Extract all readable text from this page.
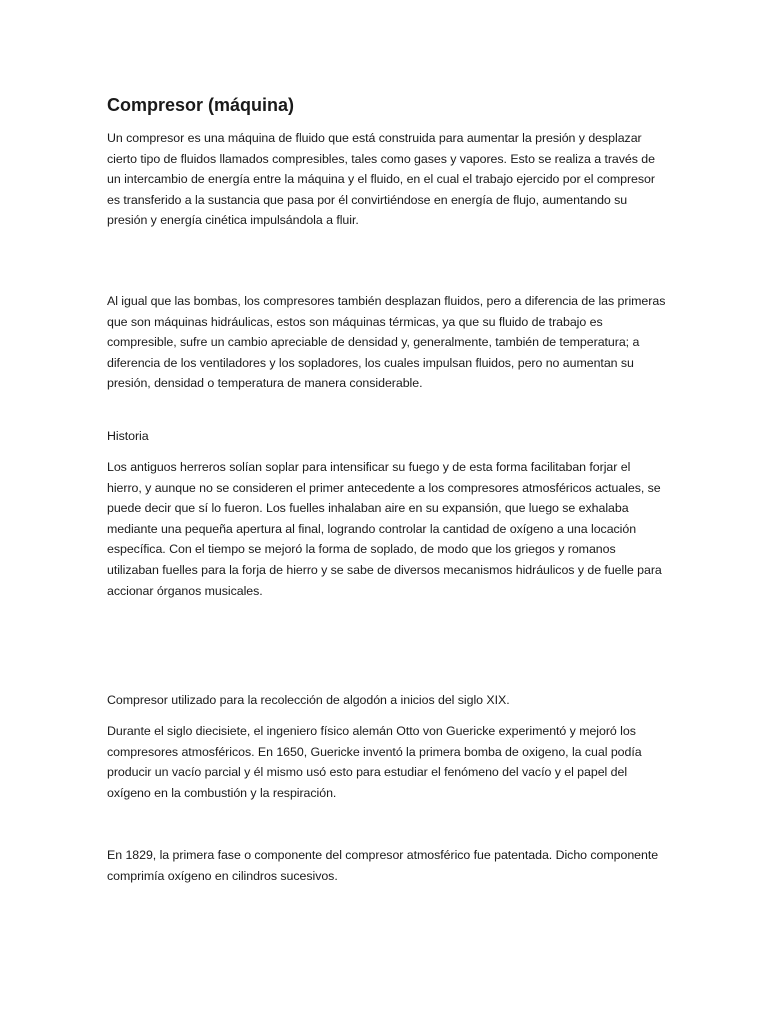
Compresor (máquina)

Un compresor es una máquina de fluido que está construida para aumentar la presión y desplazar cierto tipo de fluidos llamados compresibles, tales como gases y vapores. Esto se realiza a través de un intercambio de energía entre la máquina y el fluido, en el cual el trabajo ejercido por el compresor es transferido a la sustancia que pasa por él convirtiéndose en energía de flujo, aumentando su presión y energía cinética impulsándola a fluir.

Al igual que las bombas, los compresores también desplazan fluidos, pero a diferencia de las primeras que son máquinas hidráulicas, estos son máquinas térmicas, ya que su fluido de trabajo es compresible, sufre un cambio apreciable de densidad y, generalmente, también de temperatura; a diferencia de los ventiladores y los sopladores, los cuales impulsan fluidos, pero no aumentan su presión, densidad o temperatura de manera considerable.

Historia

Los antiguos herreros solían soplar para intensificar su fuego y de esta forma facilitaban forjar el hierro, y aunque no se consideren el primer antecedente a los compresores atmosféricos actuales, se puede decir que sí lo fueron. Los fuelles inhalaban aire en su expansión, que luego se exhalaba mediante una pequeña apertura al final, logrando controlar la cantidad de oxígeno a una locación específica. Con el tiempo se mejoró la forma de soplado, de modo que los griegos y romanos utilizaban fuelles para la forja de hierro y se sabe de diversos mecanismos hidráulicos y de fuelle para accionar órganos musicales.

Compresor utilizado para la recolección de algodón a inicios del siglo XIX.

Durante el siglo diecisiete, el ingeniero físico alemán Otto von Guericke experimentó y mejoró los compresores atmosféricos. En 1650, Guericke inventó la primera bomba de oxigeno, la cual podía producir un vacío parcial y él mismo usó esto para estudiar el fenómeno del vacío y el papel del oxígeno en la combustión y la respiración.

En 1829, la primera fase o componente del compresor atmosférico fue patentada. Dicho componente comprimía oxígeno en cilindros sucesivos.
